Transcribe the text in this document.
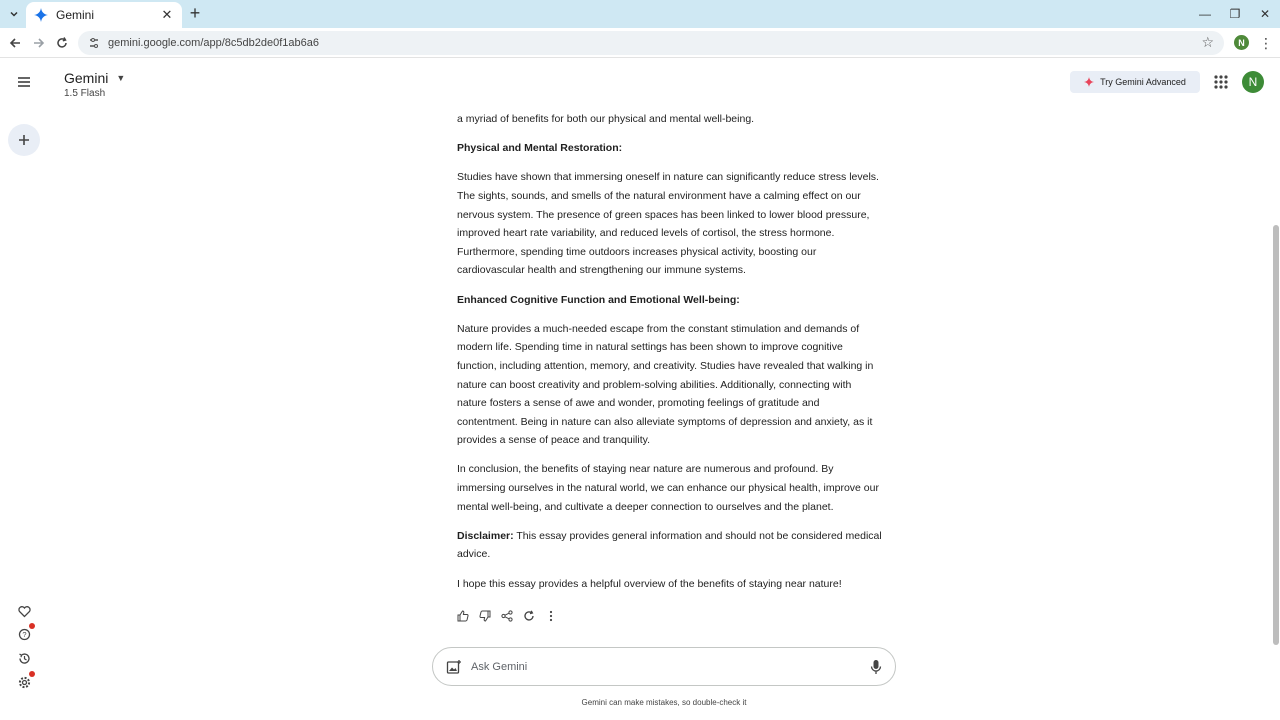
Gemini	✕ +	—	❐	✕
gemini.google.com/app/8c5db2de0f1ab6a6	☆	N	⋮
?
Gemini ▼
1.5 Flash
Try Gemini Advanced	N

a myriad of benefits for both our physical and mental well-being.

Physical and Mental Restoration:

Studies have shown that immersing oneself in nature can significantly reduce stress levels. The sights, sounds, and smells of the natural environment have a calming effect on our nervous system. The presence of green spaces has been linked to lower blood pressure, improved heart rate variability, and reduced levels of cortisol, the stress hormone. Furthermore, spending time outdoors increases physical activity, boosting our cardiovascular health and strengthening our immune systems.

Enhanced Cognitive Function and Emotional Well-being:

Nature provides a much-needed escape from the constant stimulation and demands of modern life. Spending time in natural settings has been shown to improve cognitive function, including attention, memory, and creativity. Studies have revealed that walking in nature can boost creativity and problem-solving abilities. Additionally, connecting with nature fosters a sense of awe and wonder, promoting feelings of gratitude and contentment. Being in nature can also alleviate symptoms of depression and anxiety, as it provides a sense of peace and tranquility.

In conclusion, the benefits of staying near nature are numerous and profound. By immersing ourselves in the natural world, we can enhance our physical health, improve our mental well-being, and cultivate a deeper connection to ourselves and the planet.

Disclaimer: This essay provides general information and should not be considered medical advice.

I hope this essay provides a helpful overview of the benefits of staying near nature!

Ask Gemini
Gemini can make mistakes, so double-check it
